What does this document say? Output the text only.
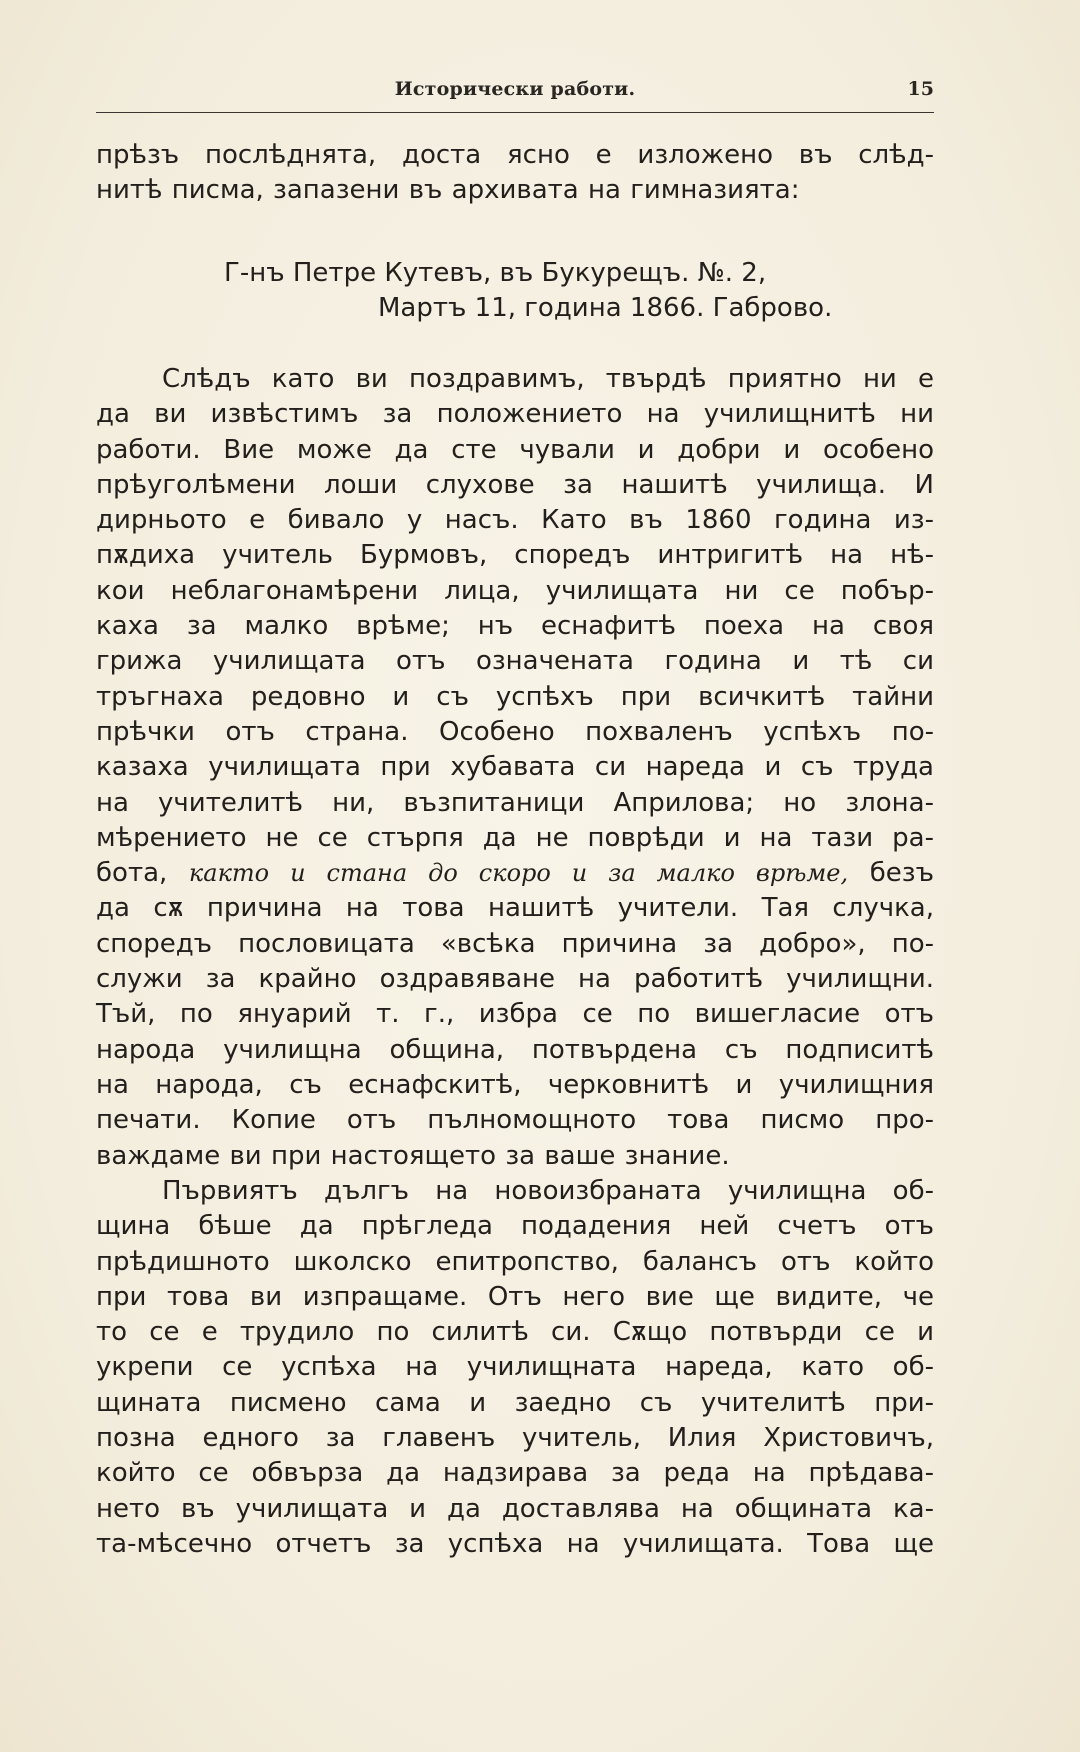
Исторически работи.	15
прѣзъ послѣднята, доста ясно е изложено въ слѣд-
нитѣ писма, запазени въ архивата на гимназията:
Г-нъ Петре Кутевъ, въ Букурещъ. №. 2,
Мартъ 11, година 1866. Габрово.
Слѣдъ като ви поздравимъ, твърдѣ приятно ни е
да ви извѣстимъ за положението на училищнитѣ ни
работи. Вие може да сте чували и добри и особено
прѣуголѣмени лоши слухове за нашитѣ училища. И
дирньото е бивало у насъ. Като въ 1860 година из-
пѫдиха учитель Бурмовъ, споредъ интригитѣ на нѣ-
кои неблагонамѣрени лица, училищата ни се побър-
каха за малко врѣме; нъ еснафитѣ поеха на своя
грижа училищата отъ означената година и тѣ си
тръгнаха редовно и съ успѣхъ при всичкитѣ тайни
прѣчки отъ страна. Особено похваленъ успѣхъ по-
казаха училищата при хубавата си нареда и съ труда
на учителитѣ ни, възпитаници Априлова; но злона-
мѣрението не се стърпя да не поврѣди и на тази ра-
бота, както и стана до скоро и за малко врѣме, безъ
да сѫ причина на това нашитѣ учители. Тая случка,
споредъ пословицата «всѣка причина за добро», по-
служи за крайно оздравяване на работитѣ училищни.
Тъй, по януарий т. г., избра се по вишегласие отъ
народа училищна община, потвърдена съ подписитѣ
на народа, съ еснафскитѣ, черковнитѣ и училищния
печати. Копие отъ пълномощното това писмо про-
важдаме ви при настоящето за ваше знание.
Първиятъ дългъ на новоизбраната училищна об-
щина бѣше да прѣгледа подадения ней счетъ отъ
прѣдишното школско епитропство, балансъ отъ който
при това ви изпращаме. Отъ него вие ще видите, че
то се е трудило по силитѣ си. Сѫщо потвърди се и
укрепи се успѣха на училищната нареда, като об-
щината писмено сама и заедно съ учителитѣ при-
позна едного за главенъ учитель, Илия Христовичъ,
който се обвърза да надзирава за реда на прѣдава-
нето въ училищата и да доставлява на общината ка-
та-мѣсечно отчетъ за успѣха на училищата. Това ще
